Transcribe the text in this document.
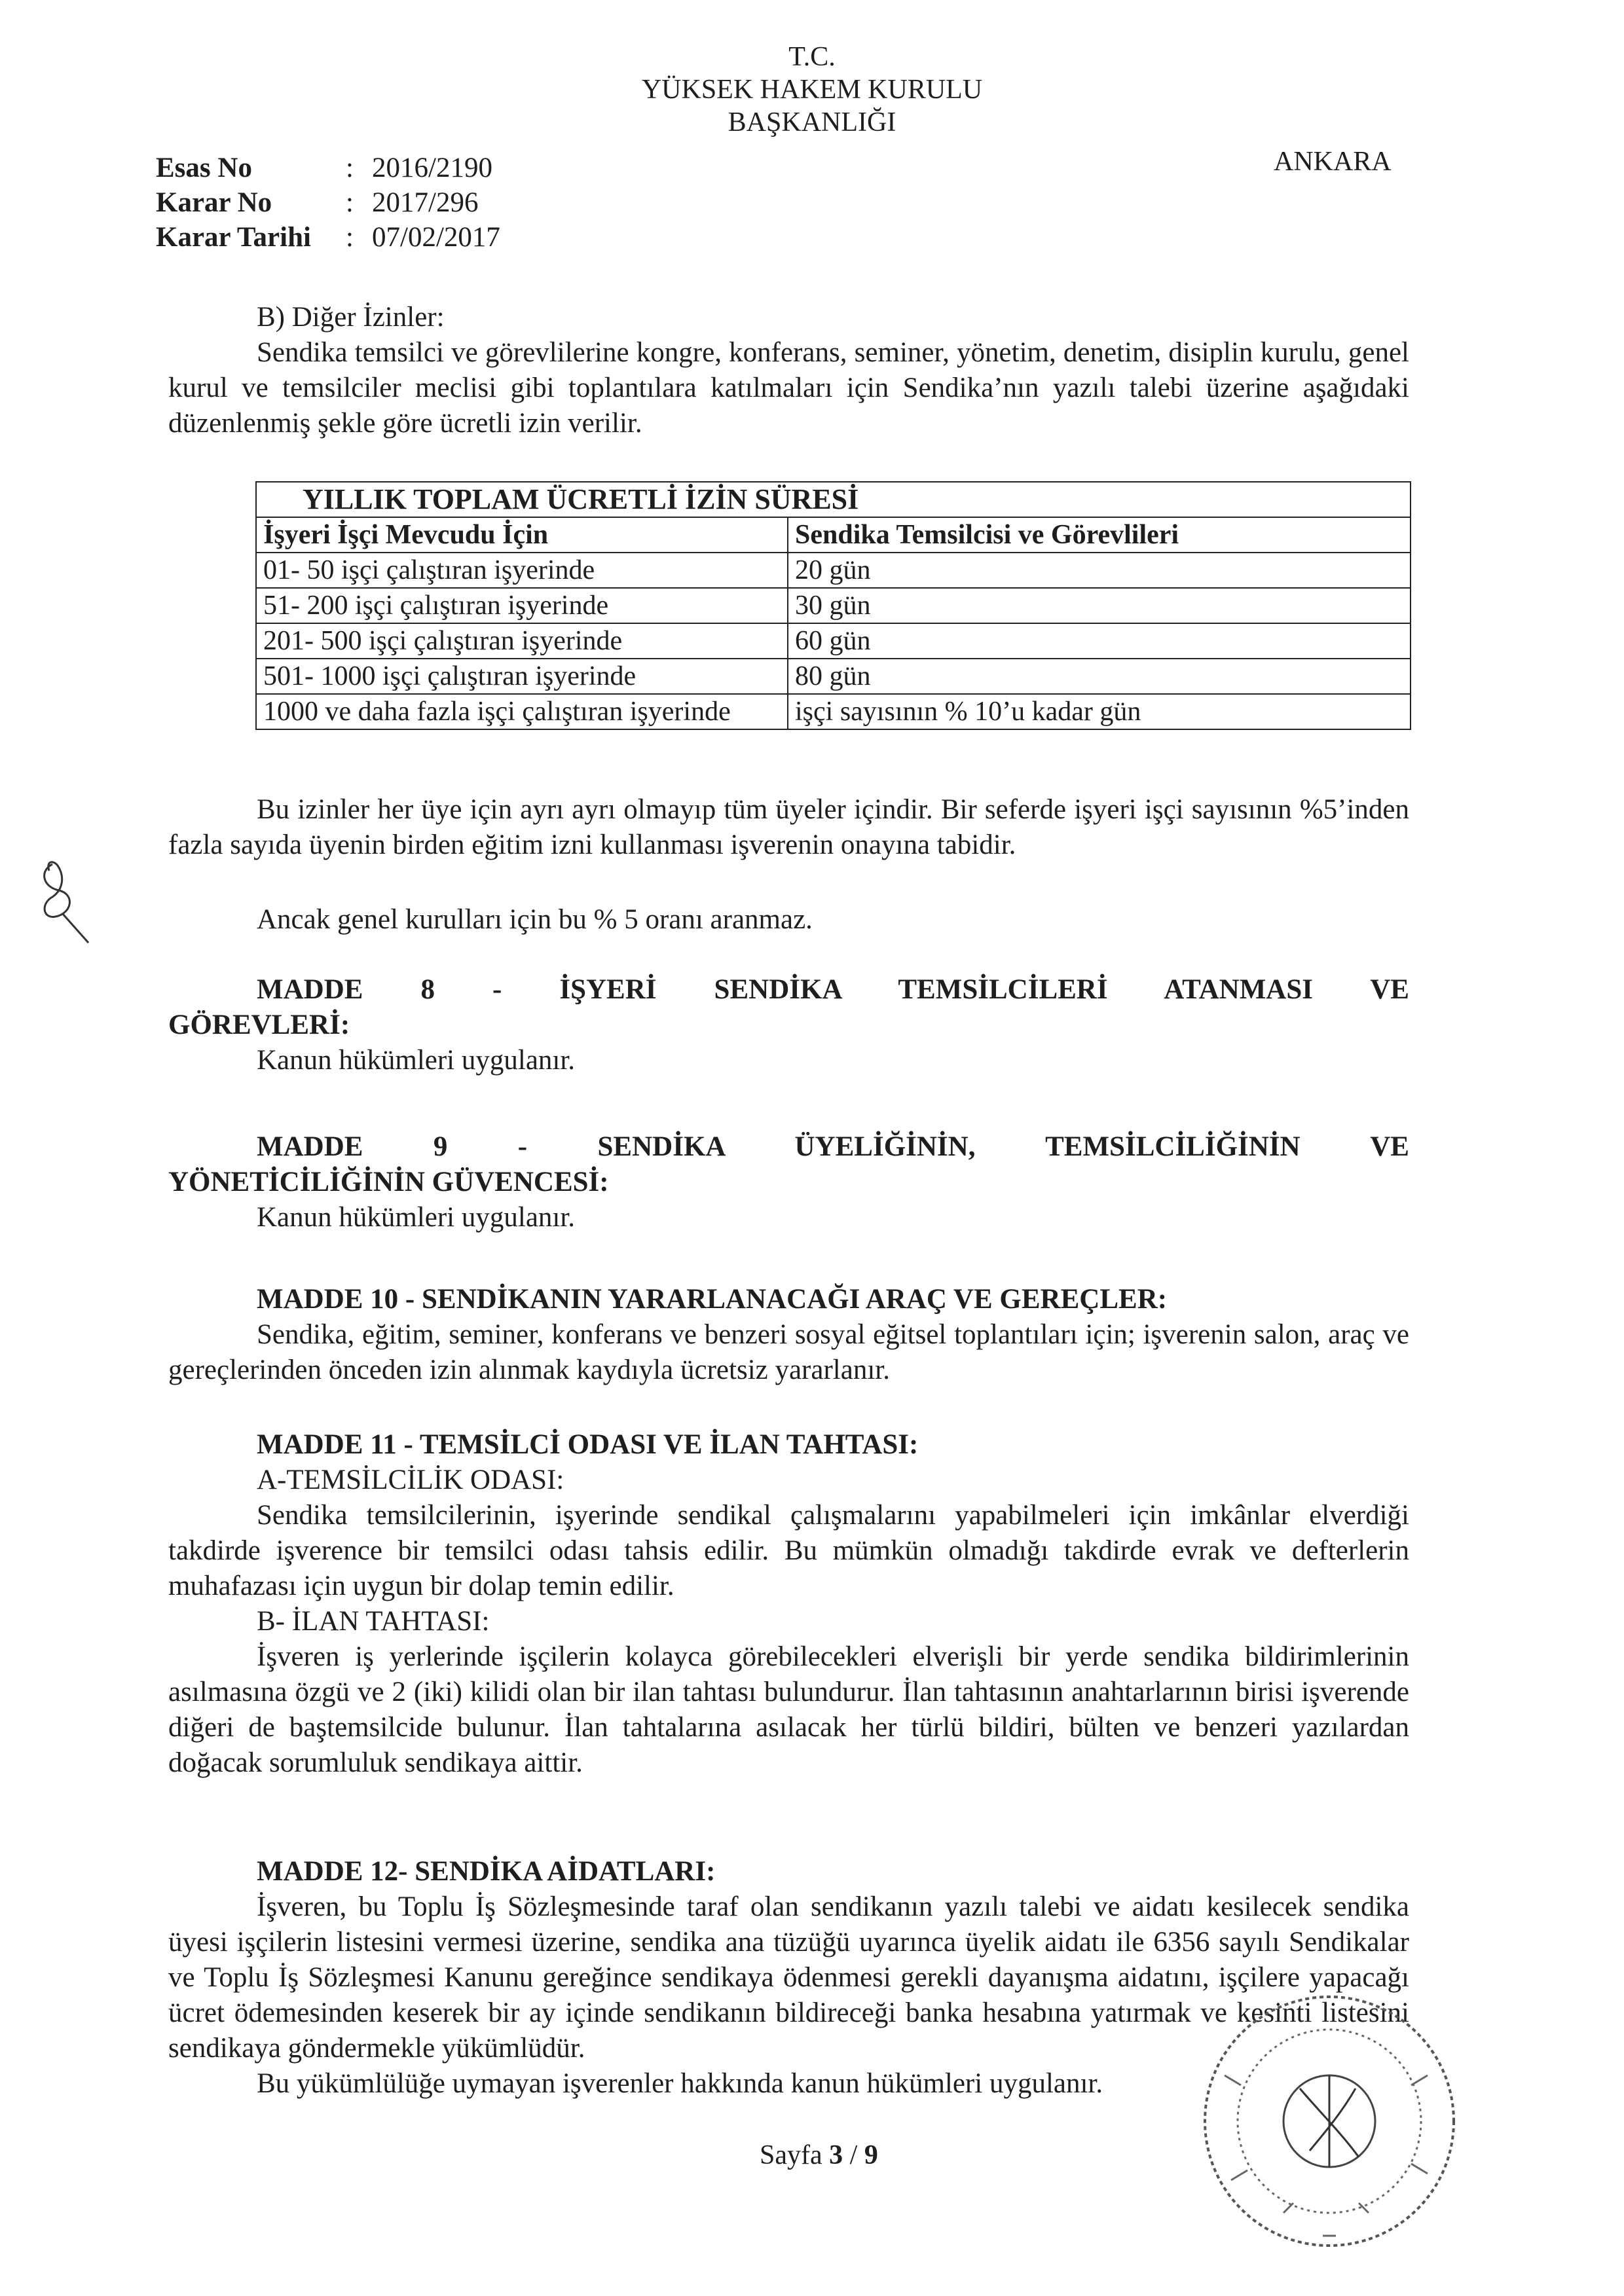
T.C.
YÜKSEK HAKEM KURULU
BAŞKANLIĞI
ANKARA
Esas No	: 2016/2190
Karar No	: 2017/296
Karar Tarihi : 07/02/2017
B) Diğer İzinler:
Sendika temsilci ve görevlilerine kongre, konferans, seminer, yönetim, denetim, disiplin kurulu, genel kurul ve temsilciler meclisi gibi toplantılara katılmaları için Sendika’nın yazılı talebi üzerine aşağıdaki düzenlenmiş şekle göre ücretli izin verilir.
YILLIK TOPLAM ÜCRETLİ İZİN SÜRESİ	
İşyeri İşçi Mevcudu İçin	Sendika Temsilcisi ve Görevlileri
01- 50 işçi çalıştıran işyerinde	20 gün
51- 200 işçi çalıştıran işyerinde	30 gün
201- 500 işçi çalıştıran işyerinde	60 gün
501- 1000 işçi çalıştıran işyerinde	80 gün
1000 ve daha fazla işçi çalıştıran işyerinde	işçi sayısının % 10’u kadar gün
Bu izinler her üye için ayrı ayrı olmayıp tüm üyeler içindir. Bir seferde işyeri işçi sayısının %5’inden fazla sayıda üyenin birden eğitim izni kullanması işverenin onayına tabidir.
Ancak genel kurulları için bu % 5 oranı aranmaz.
MADDE 8 - İŞYERİ SENDİKA TEMSİLCİLERİ ATANMASI VE
GÖREVLERİ:
Kanun hükümleri uygulanır.
MADDE 9 - SENDİKA ÜYELİĞİNİN, TEMSİLCİLİĞİNİN VE
YÖNETİCİLİĞİNİN GÜVENCESİ:
Kanun hükümleri uygulanır.
MADDE 10 - SENDİKANIN YARARLANACAĞI ARAÇ VE GEREÇLER:
Sendika, eğitim, seminer, konferans ve benzeri sosyal eğitsel toplantıları için; işverenin salon, araç ve gereçlerinden önceden izin alınmak kaydıyla ücretsiz yararlanır.
MADDE 11 - TEMSİLCİ ODASI VE İLAN TAHTASI:
A-TEMSİLCİLİK ODASI:
Sendika temsilcilerinin, işyerinde sendikal çalışmalarını yapabilmeleri için imkânlar elverdiği takdirde işverence bir temsilci odası tahsis edilir. Bu mümkün olmadığı takdirde evrak ve defterlerin muhafazası için uygun bir dolap temin edilir.
B- İLAN TAHTASI:
İşveren iş yerlerinde işçilerin kolayca görebilecekleri elverişli bir yerde sendika bildirimlerinin asılmasına özgü ve 2 (iki) kilidi olan bir ilan tahtası bulundurur. İlan tahtasının anahtarlarının birisi işverende diğeri de baştemsilcide bulunur. İlan tahtalarına asılacak her türlü bildiri, bülten ve benzeri yazılardan doğacak sorumluluk sendikaya aittir.
MADDE 12- SENDİKA AİDATLARI:
İşveren, bu Toplu İş Sözleşmesinde taraf olan sendikanın yazılı talebi ve aidatı kesilecek sendika üyesi işçilerin listesini vermesi üzerine, sendika ana tüzüğü uyarınca üyelik aidatı ile 6356 sayılı Sendikalar ve Toplu İş Sözleşmesi Kanunu gereğince sendikaya ödenmesi gerekli dayanışma aidatını, işçilere yapacağı ücret ödemesinden keserek bir ay içinde sendikanın bildireceği banka hesabına yatırmak ve kesinti listesini sendikaya göndermekle yükümlüdür.
Bu yükümlülüğe uymayan işverenler hakkında kanun hükümleri uygulanır.
Sayfa 3 / 9
